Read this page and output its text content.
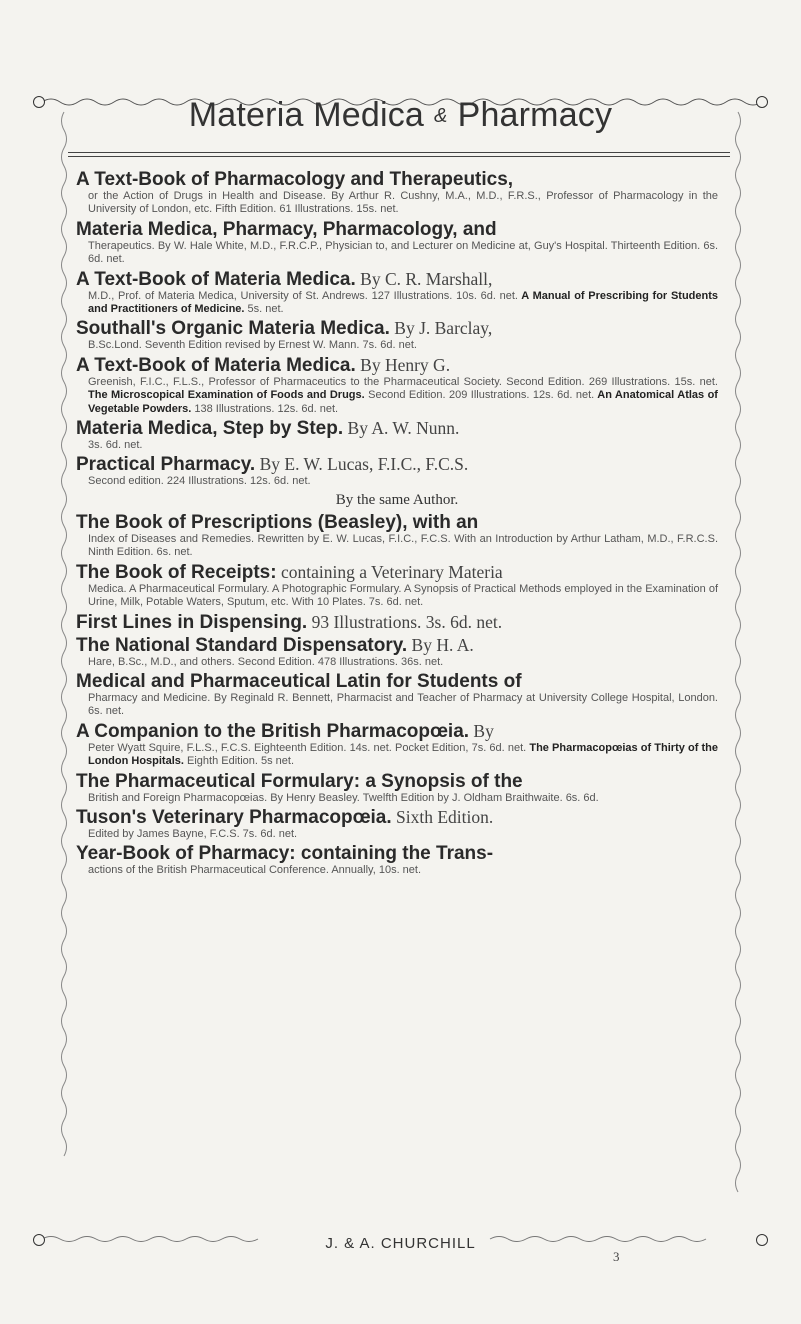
Materia Medica & Pharmacy
A Text-Book of Pharmacology and Therapeutics,
or the Action of Drugs in Health and Disease. By Arthur R. Cushny, M.A., M.D., F.R.S., Professor of Pharmacology in the University of London, etc. Fifth Edition. 61 Illustrations. 15s. net.
Materia Medica, Pharmacy, Pharmacology, and
Therapeutics. By W. Hale White, M.D., F.R.C.P., Physician to, and Lecturer on Medicine at, Guy's Hospital. Thirteenth Edition. 6s. 6d. net.
A Text-Book of Materia Medica. By C. R. Marshall,
M.D., Prof. of Materia Medica, University of St. Andrews. 127 Illustrations. 10s. 6d. net. A Manual of Prescribing for Students and Practitioners of Medicine. 5s. net.
Southall's Organic Materia Medica. By J. Barclay,
B.Sc.Lond. Seventh Edition revised by Ernest W. Mann. 7s. 6d. net.
A Text-Book of Materia Medica. By Henry G.
Greenish, F.I.C., F.L.S., Professor of Pharmaceutics to the Pharmaceutical Society. Second Edition. 269 Illustrations. 15s. net. The Microscopical Examination of Foods and Drugs. Second Edition. 209 Illustrations. 12s. 6d. net. An Anatomical Atlas of Vegetable Powders. 138 Illustrations. 12s. 6d. net.
Materia Medica, Step by Step. By A. W. Nunn.
3s. 6d. net.
Practical Pharmacy. By E. W. Lucas, F.I.C., F.C.S.
Second edition. 224 Illustrations. 12s. 6d. net.
By the same Author.
The Book of Prescriptions (Beasley), with an
Index of Diseases and Remedies. Rewritten by E. W. Lucas, F.I.C., F.C.S. With an Introduction by Arthur Latham, M.D., F.R.C.S. Ninth Edition. 6s. net.
The Book of Receipts: containing a Veterinary Materia
Medica. A Pharmaceutical Formulary. A Photographic Formulary. A Synopsis of Practical Methods employed in the Examination of Urine, Milk, Potable Waters, Sputum, etc. With 10 Plates. 7s. 6d. net.
First Lines in Dispensing. 93 Illustrations. 3s. 6d. net.
The National Standard Dispensatory. By H. A.
Hare, B.Sc., M.D., and others. Second Edition. 478 Illustrations. 36s. net.
Medical and Pharmaceutical Latin for Students of
Pharmacy and Medicine. By Reginald R. Bennett, Pharmacist and Teacher of Pharmacy at University College Hospital, London. 6s. net.
A Companion to the British Pharmacopœia. By
Peter Wyatt Squire, F.L.S., F.C.S. Eighteenth Edition. 14s. net. Pocket Edition, 7s. 6d. net. The Pharmacopœias of Thirty of the London Hospitals. Eighth Edition. 5s net.
The Pharmaceutical Formulary: a Synopsis of the
British and Foreign Pharmacopœias. By Henry Beasley. Twelfth Edition by J. Oldham Braithwaite. 6s. 6d.
Tuson's Veterinary Pharmacopœia. Sixth Edition.
Edited by James Bayne, F.C.S. 7s. 6d. net.
Year-Book of Pharmacy: containing the Trans-
actions of the British Pharmaceutical Conference. Annually, 10s. net.
J. & A. CHURCHILL
3
